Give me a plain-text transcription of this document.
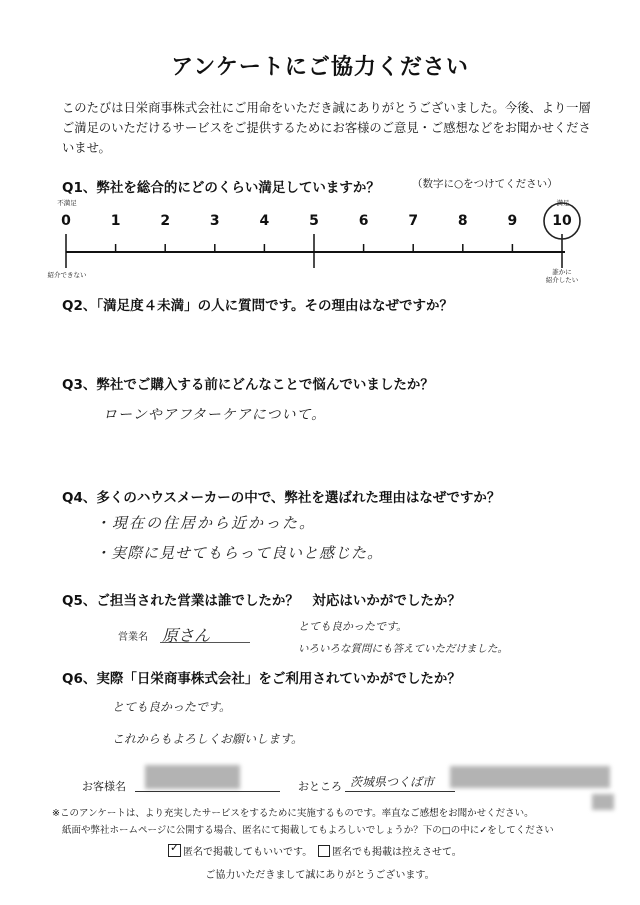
アンケートにご協力ください
このたびは日栄商事株式会社にご用命をいただき誠にありがとうございました。今後、より一層ご満足のいただけるサービスをご提供するためにお客様のご意見・ご感想などをお聞かせくださいませ。
Q1、弊社を総合的にどのくらい満足していますか？	（数字に○をつけてください）
不満足	満足
0	1	2	3	4	5	6	7	8	9	10
紹介できない	誰かに
紹介したい
Q2、「満足度４未満」の人に質問です。その理由はなぜですか？
Q3、弊社でご購入する前にどんなことで悩んでいましたか？
ローンやアフターケアについて。
Q4、多くのハウスメーカーの中で、弊社を選ばれた理由はなぜですか？
・現在の住居から近かった。
・実際に見せてもらって良いと感じた。
Q5、ご担当された営業は誰でしたか？　対応はいかがでしたか？
営業名 原さん	とても良かったです。
いろいろな質問にも答えていただけました。
Q6、実際「日栄商事株式会社」をご利用されていかがでしたか？
とても良かったです。
これからもよろしくお願いします。
お客様名	おところ 茨城県つくば市
※このアンケートは、より充実したサービスをするために実施するものです。率直なご感想をお聞かせください。
紙面や弊社ホームページに公開する場合、匿名にて掲載してもよろしいでしょうか？下の□の中に✓をしてください
✓ 匿名で掲載してもいいです。 匿名でも掲載は控えさせて。
ご協力いただきまして誠にありがとうございます。
